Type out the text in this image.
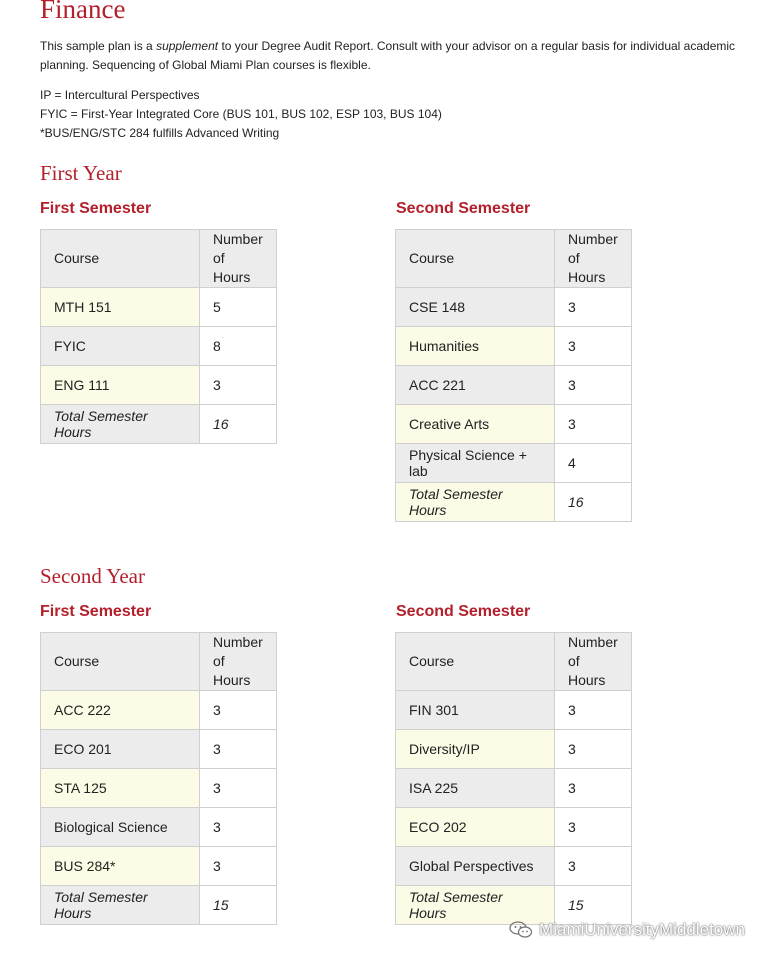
Finance

This sample plan is a supplement to your Degree Audit Report. Consult with your advisor on a regular basis for individual academic planning. Sequencing of Global Miami Plan courses is flexible.

IP = Intercultural Perspectives
FYIC = First-Year Integrated Core (BUS 101, BUS 102, ESP 103, BUS 104)
*BUS/ENG/STC 284 fulfills Advanced Writing

First Year
First Semester
Course	Number
of Hours
MTH 151	5
FYIC	8
ENG 111	3
Total Semester Hours	16
Second Semester
Course	Number
of Hours
CSE 148	3
Humanities	3
ACC 221	3
Creative Arts	3
Physical Science + lab	4
Total Semester Hours	16
Second Year
First Semester
Course	Number
of Hours
ACC 222	3
ECO 201	3
STA 125	3
Biological Science	3
BUS 284*	3
Total Semester Hours	15
Second Semester
Course	Number
of Hours
FIN 301	3
Diversity/IP	3
ISA 225	3
ECO 202	3
Global Perspectives	3
Total Semester Hours	15
MiamiUniversityMiddletown
